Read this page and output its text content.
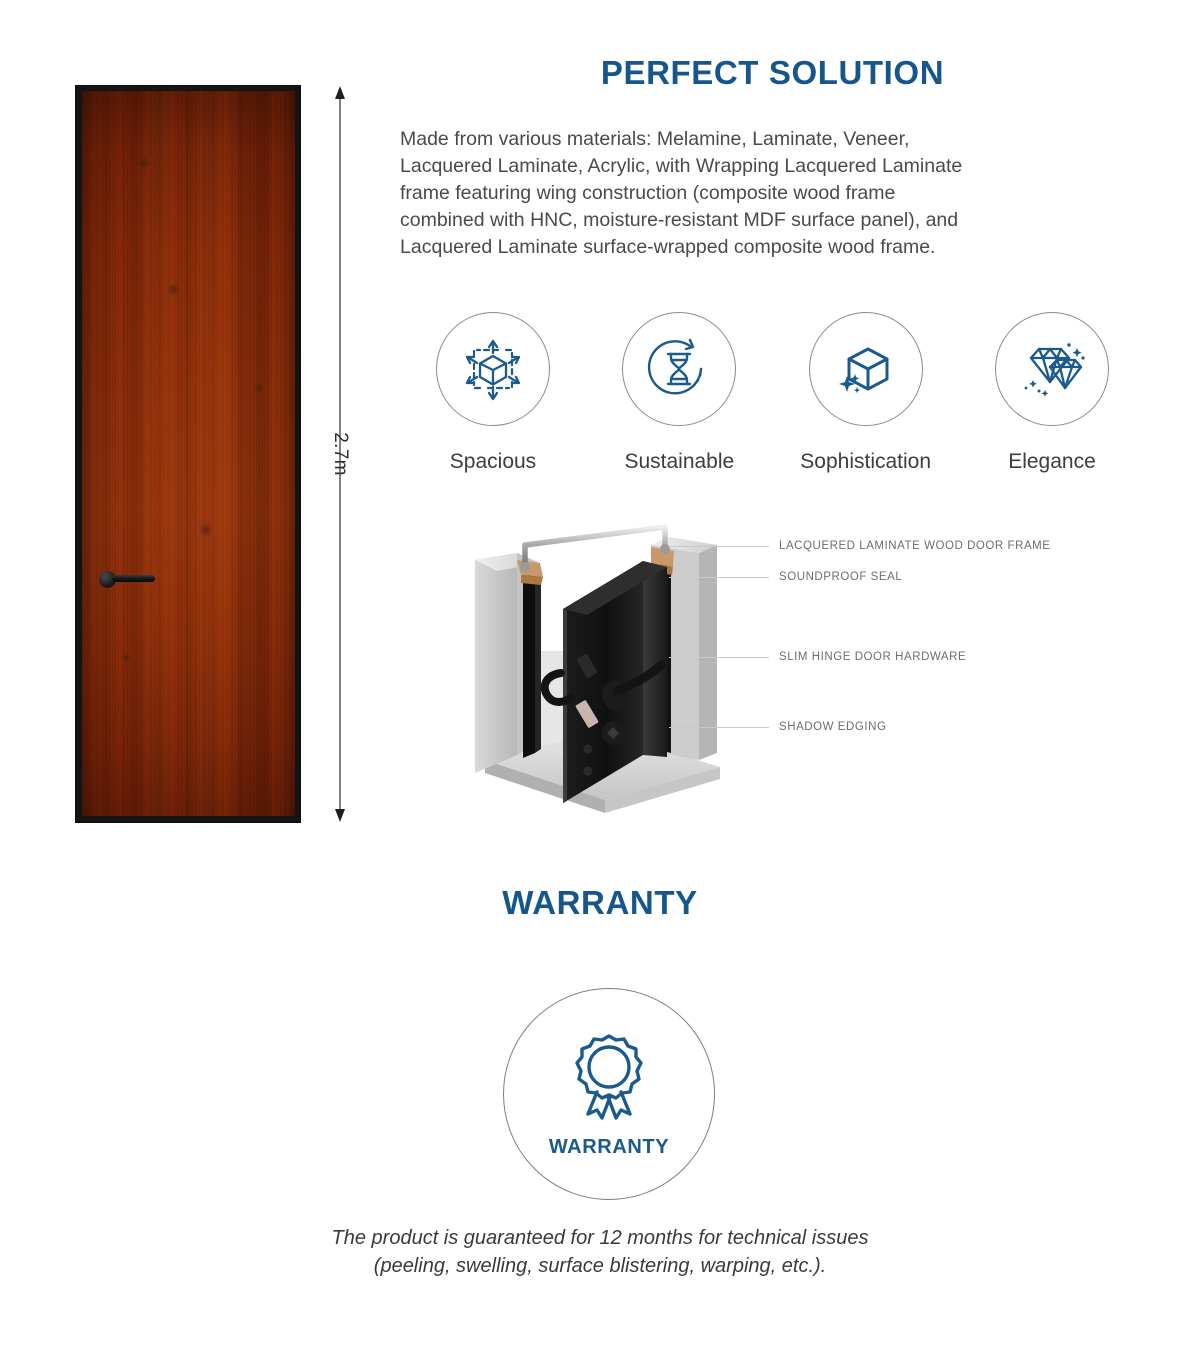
2.7m
PERFECT SOLUTION
Made from various materials: Melamine, Laminate, Veneer,
Lacquered Laminate, Acrylic, with Wrapping Lacquered Laminate
frame featuring wing construction (composite wood frame
combined with HNC, moisture-resistant MDF surface panel), and
Lacquered Laminate surface-wrapped composite wood frame.
Spacious	Sustainable	Sophistication	Elegance
LACQUERED LAMINATE WOOD DOOR FRAME
SOUNDPROOF SEAL
SLIM HINGE DOOR HARDWARE
SHADOW EDGING
WARRANTY
WARRANTY
The product is guaranteed for 12 months for technical issues
(peeling, swelling, surface blistering, warping, etc.).
